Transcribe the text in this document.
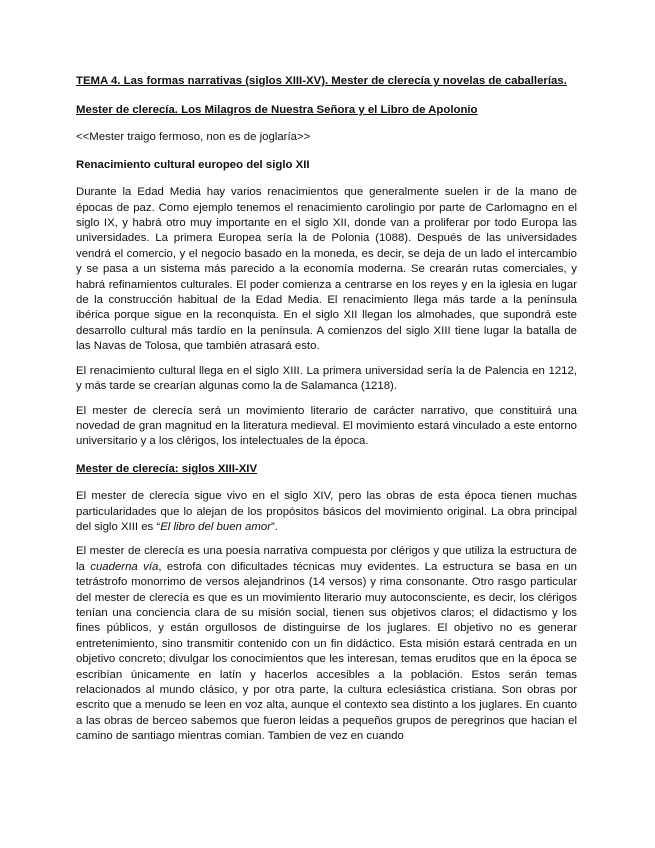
TEMA 4. Las formas narrativas (siglos XIII-XV). Mester de clerecía y novelas de caballerías.
Mester de clerecía. Los Milagros de Nuestra Señora y el Libro de Apolonio
<<Mester traigo fermoso, non es de joglaría>>
Renacimiento cultural europeo del siglo XII

Durante la Edad Media hay varios renacimientos que generalmente suelen ir de la mano de épocas de paz. Como ejemplo tenemos el renacimiento carolingio por parte de Carlomagno en el siglo IX, y habrá otro muy importante en el siglo XII, donde van a proliferar por todo Europa las universidades. La primera Europea sería la de Polonia (1088). Después de las universidades vendrá el comercio, y el negocio basado en la moneda, es decir, se deja de un lado el intercambio y se pasa a un sistema más parecido a la economía moderna. Se crearán rutas comerciales, y habrá refinamientos culturales. El poder comienza a centrarse en los reyes y en la iglesia en lugar de la construcción habitual de la Edad Media. El renacimiento llega más tarde a la península ibérica porque sigue en la reconquista. En el siglo XII llegan los almohades, que supondrá este desarrollo cultural más tardío en la península. A comienzos del siglo XIII tiene lugar la batalla de las Navas de Tolosa, que también atrasará esto.

El renacimiento cultural llega en el siglo XIII. La primera universidad sería la de Palencia en 1212, y más tarde se crearían algunas como la de Salamanca (1218).

El mester de clerecía será un movimiento literario de carácter narrativo, que constituirá una novedad de gran magnitud en la literatura medieval. El movimiento estará vinculado a este entorno universitario y a los clérigos, los intelectuales de la época.

Mester de clerecía: siglos XIII-XIV

El mester de clerecía sigue vivo en el siglo XIV, pero las obras de esta época tienen muchas particularidades que lo alejan de los propósitos básicos del movimiento original. La obra principal del siglo XIII es “El libro del buen amor”.

El mester de clerecía es una poesía narrativa compuesta por clérigos y que utiliza la estructura de la cuaderna vía, estrofa con dificultades técnicas muy evidentes. La estructura se basa en un tetrástrofo monorrimo de versos alejandrinos (14 versos) y rima consonante. Otro rasgo particular del mester de clerecía es que es un movimiento literario muy autoconsciente, es decir, los clérigos tenían una conciencia clara de su misión social, tienen sus objetivos claros; el didactismo y los fines públicos, y están orgullosos de distinguirse de los juglares. El objetivo no es generar entretenimiento, sino transmitir contenido con un fin didáctico. Esta misión estará centrada en un objetivo concreto; divulgar los conocimientos que les interesan, temas eruditos que en la época se escribían únicamente en latín y hacerlos accesibles a la población. Estos serán temas relacionados al mundo clásico, y por otra parte, la cultura eclesiástica cristiana. Son obras por escrito que a menudo se leen en voz alta, aunque el contexto sea distinto a los juglares. En cuanto a las obras de berceo sabemos que fueron leidas a pequeños grupos de peregrinos que hacian el camino de santiago mientras comian. Tambien de vez en cuando
